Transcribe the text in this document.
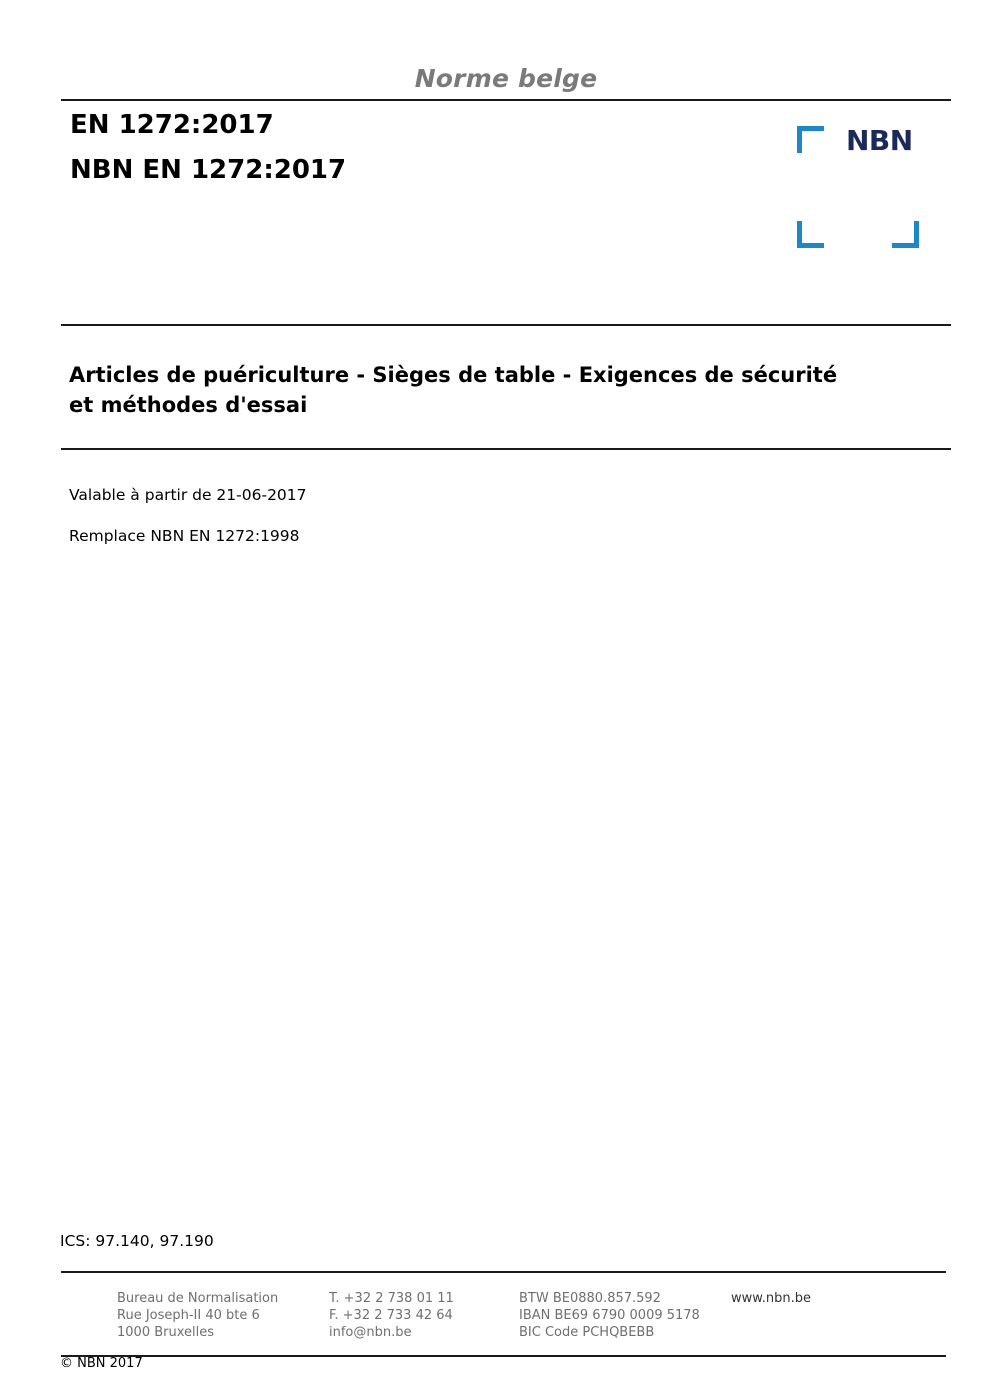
Norme belge
EN 1272:2017
NBN EN 1272:2017
NBN
Articles de puériculture - Sièges de table - Exigences de sécurité
et méthodes d'essai
Valable à partir de 21-06-2017
Remplace NBN EN 1272:1998
ICS: 97.140, 97.190
Bureau de Normalisation
Rue Joseph-II 40 bte 6
1000 Bruxelles
T. +32 2 738 01 11
F. +32 2 733 42 64
info@nbn.be
BTW BE0880.857.592
IBAN BE69 6790 0009 5178
BIC Code PCHQBEBB
www.nbn.be
© NBN 2017
